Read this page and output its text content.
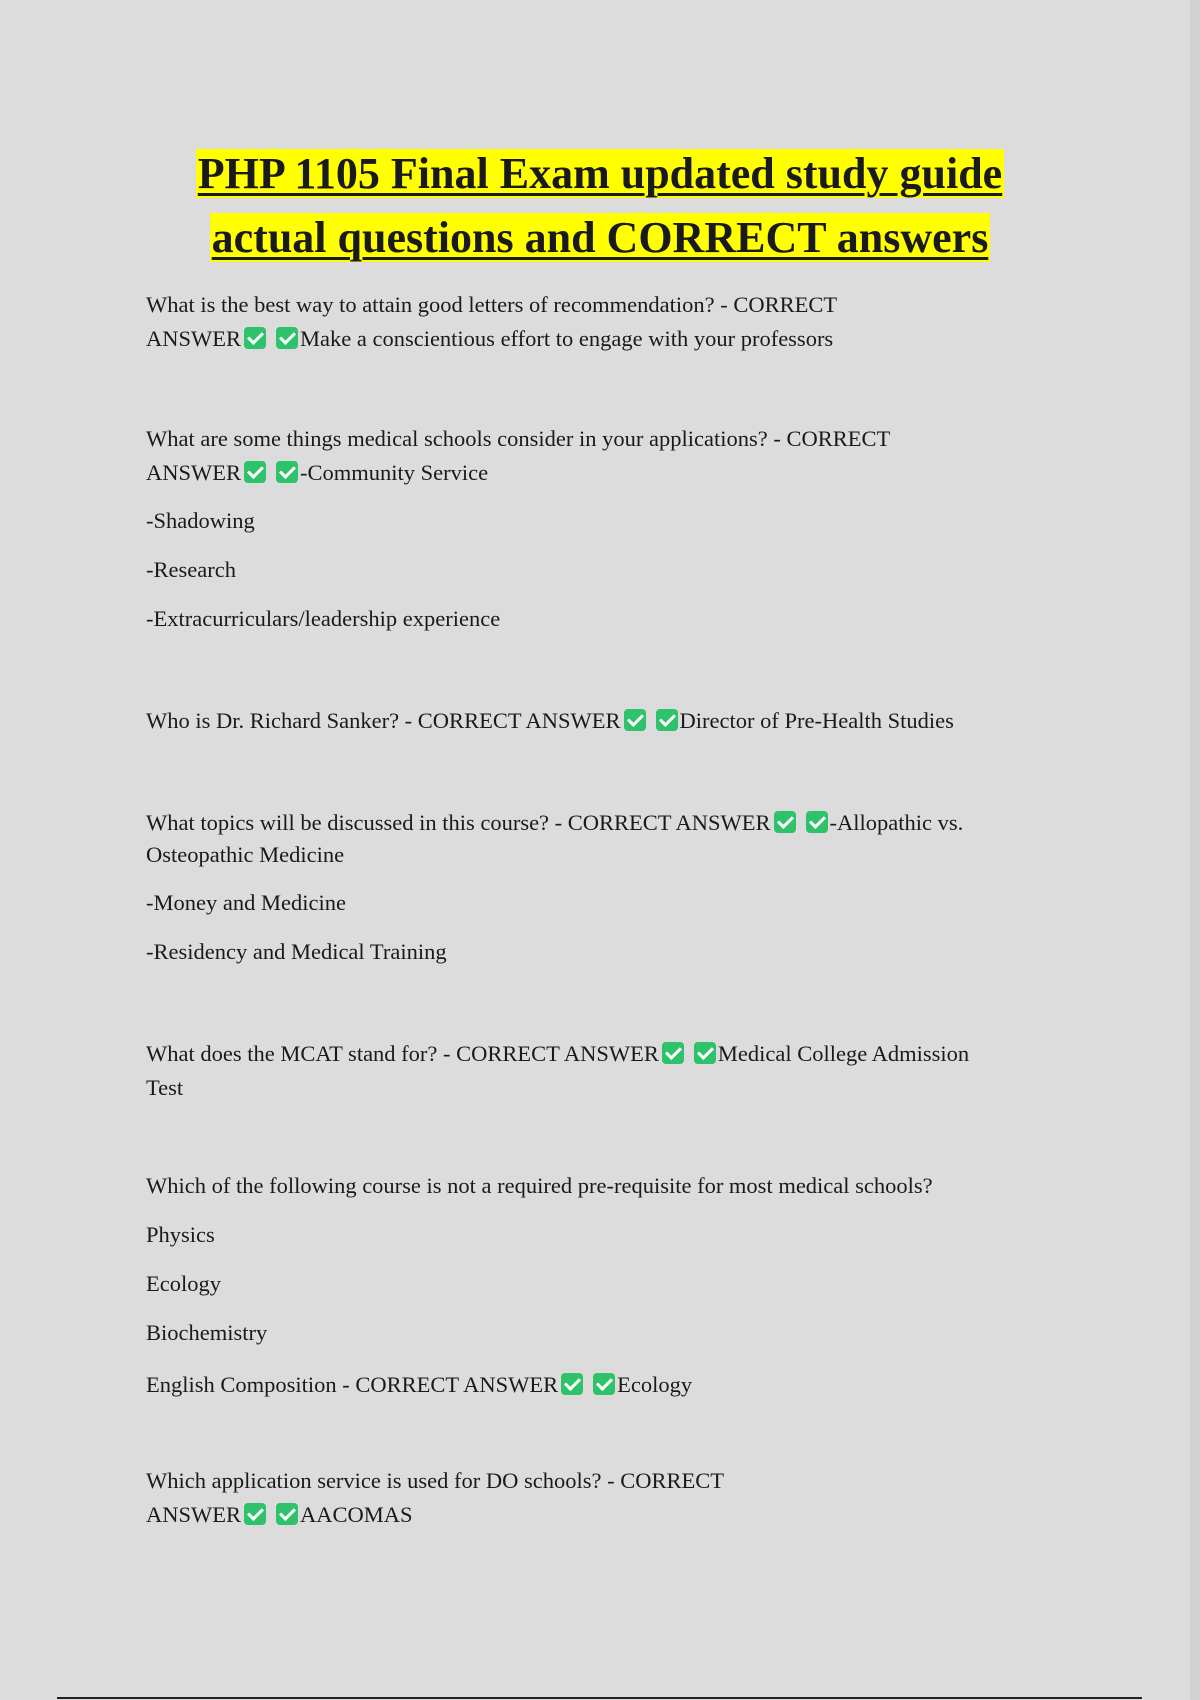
PHP 1105 Final Exam updated study guide
actual questions and CORRECT answers

What is the best way to attain good letters of recommendation? - CORRECT
ANSWER	Make a conscientious effort to engage with your professors

What are some things medical schools consider in your applications? - CORRECT
ANSWER	-Community Service

-Shadowing

-Research

-Extracurriculars/leadership experience

Who is Dr. Richard Sanker? - CORRECT ANSWER	Director of Pre-Health Studies

What topics will be discussed in this course? - CORRECT ANSWER	-Allopathic vs.
Osteopathic Medicine

-Money and Medicine

-Residency and Medical Training

What does the MCAT stand for? - CORRECT ANSWER	Medical College Admission
Test

Which of the following course is not a required pre-requisite for most medical schools?

Physics

Ecology

Biochemistry

English Composition - CORRECT ANSWER	Ecology

Which application service is used for DO schools? - CORRECT
ANSWER	AACOMAS
